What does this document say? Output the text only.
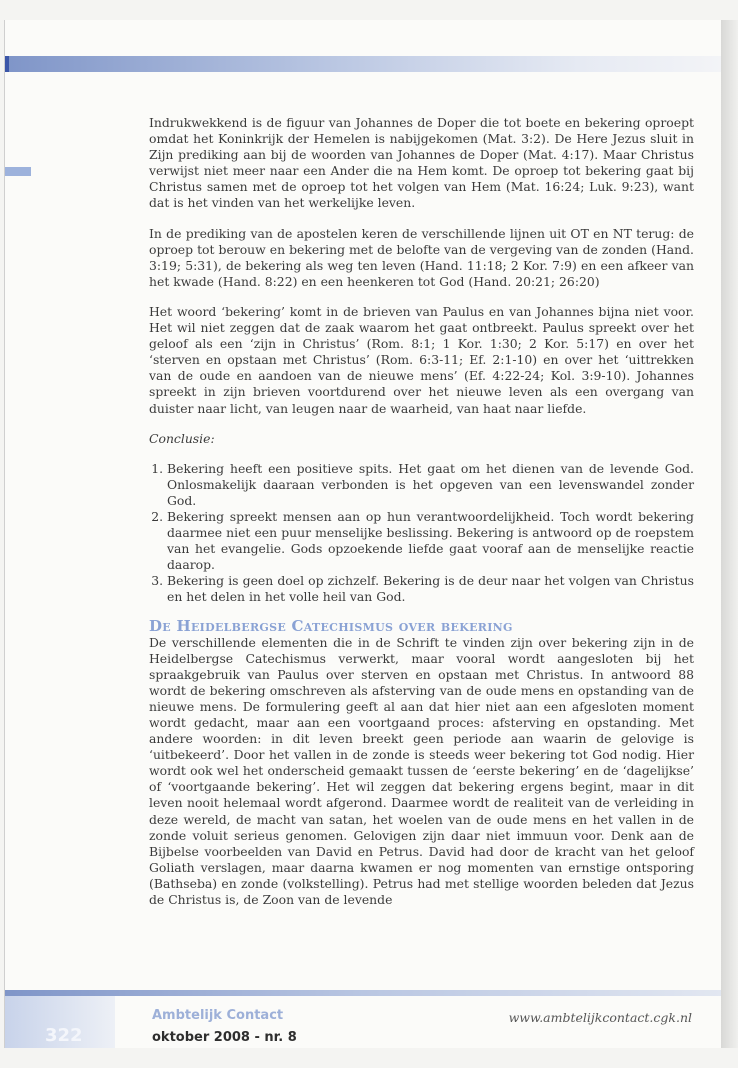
Indrukwekkend is de figuur van Johannes de Doper die tot boete en bekering oproept omdat het Koninkrijk der Hemelen is nabijgekomen (Mat. 3:2). De Here Jezus sluit in Zijn prediking aan bij de woorden van Johannes de Doper (Mat. 4:17). Maar Christus verwijst niet meer naar een Ander die na Hem komt. De oproep tot bekering gaat bij Christus samen met de oproep tot het volgen van Hem (Mat. 16:24; Luk. 9:23), want dat is het vinden van het werkelijke leven.

In de prediking van de apostelen keren de verschillende lijnen uit OT en NT terug: de oproep tot berouw en bekering met de belofte van de vergeving van de zonden (Hand. 3:19; 5:31), de bekering als weg ten leven (Hand. 11:18; 2 Kor. 7:9) en een afkeer van het kwade (Hand. 8:22) en een heenkeren tot God (Hand. 20:21; 26:20)

Het woord ‘bekering’ komt in de brieven van Paulus en van Johannes bijna niet voor. Het wil niet zeggen dat de zaak waarom het gaat ontbreekt. Paulus spreekt over het geloof als een ‘zijn in Christus’ (Rom. 8:1; 1 Kor. 1:30; 2 Kor. 5:17) en over het ‘sterven en opstaan met Christus’ (Rom. 6:3-11; Ef. 2:1-10) en over het ‘uittrekken van de oude en aandoen van de nieuwe mens’ (Ef. 4:22-24; Kol. 3:9-10). Johannes spreekt in zijn brieven voortdurend over het nieuwe leven als een overgang van duister naar licht, van leugen naar de waarheid, van haat naar liefde.

Conclusie:

1. Bekering heeft een positieve spits. Het gaat om het dienen van de levende God. Onlosmakelijk daaraan verbonden is het opgeven van een levenswandel zonder God.
2. Bekering spreekt mensen aan op hun verantwoordelijkheid. Toch wordt bekering daarmee niet een puur menselijke beslissing. Bekering is antwoord op de roepstem van het evangelie. Gods opzoekende liefde gaat vooraf aan de menselijke reactie daarop.
3. Bekering is geen doel op zichzelf. Bekering is de deur naar het volgen van Christus en het delen in het volle heil van God.
De Heidelbergse Catechismus over bekering

De verschillende elementen die in de Schrift te vinden zijn over bekering zijn in de Heidelbergse Catechismus verwerkt, maar vooral wordt aangesloten bij het spraakgebruik van Paulus over sterven en opstaan met Christus. In antwoord 88 wordt de bekering omschreven als afsterving van de oude mens en opstanding van de nieuwe mens. De formulering geeft al aan dat hier niet aan een afgesloten moment wordt gedacht, maar aan een voortgaand proces: afsterving en opstanding. Met andere woorden: in dit leven breekt geen periode aan waarin de gelovige is ‘uitbekeerd’. Door het vallen in de zonde is steeds weer bekering tot God nodig. Hier wordt ook wel het onderscheid gemaakt tussen de ‘eerste bekering’ en de ‘dagelijkse’ of ‘voortgaande bekering’. Het wil zeggen dat bekering ergens begint, maar in dit leven nooit helemaal wordt afgerond. Daarmee wordt de realiteit van de verleiding in deze wereld, de macht van satan, het woelen van de oude mens en het vallen in de zonde voluit serieus genomen. Gelovigen zijn daar niet immuun voor. Denk aan de Bijbelse voorbeelden van David en Petrus. David had door de kracht van het geloof Goliath verslagen, maar daarna kwamen er nog momenten van ernstige ontsporing (Bathseba) en zonde (volkstelling). Petrus had met stellige woorden beleden dat Jezus de Christus is, de Zoon van de levende

322
Ambtelijk Contact
oktober 2008 - nr. 8
www.ambtelijkcontact.cgk.nl
